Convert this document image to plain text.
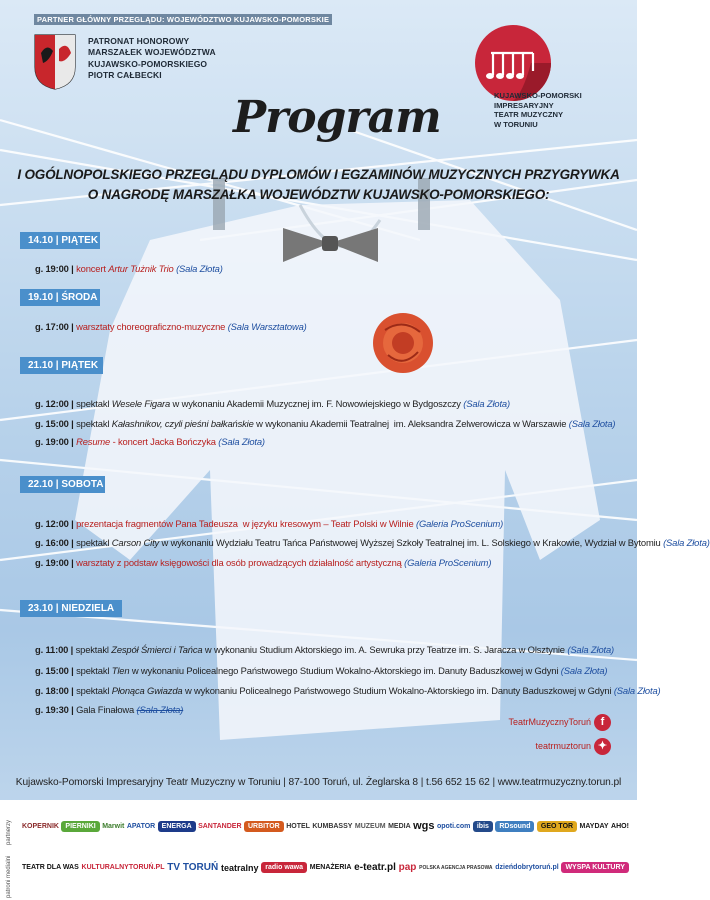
PARTNER GŁÓWNY PRZEGLĄDU: WOJEWÓDZTWO KUJAWSKO-POMORSKIE
PATRONAT HONOROWY
MARSZAŁEK WOJEWÓDZTWA
KUJAWSKO-POMORSKIEGO
PIOTR CAŁBECKI
KUJAWSKO-POMORSKI
IMPRESARYJNY
TEATR MUZYCZNY
W TORUNIU
Program
I OGÓLNOPOLSKIEGO PRZEGLĄDU DYPLOMÓW I EGZAMINÓW MUZYCZNYCH PRZYGRYWKA
O NAGRODĘ MARSZAŁKA WOJEWÓDZTW KUJAWSKO-POMORSKIEGO:
14.10 | PIĄTEK
g. 19:00 | koncert Artur Tużnik Trio (Sala Złota)
19.10 | ŚRODA
g. 17:00 | warsztaty choreograficzno-muzyczne (Sala Warsztatowa)
21.10 | PIĄTEK
g. 12:00 | spektakl Wesele Figara w wykonaniu Akademii Muzycznej im. F. Nowowiejskiego w Bydgoszczy (Sala Złota)
g. 15:00 | spektakl Kałashnikov, czyli pieśni bałkańskie w wykonaniu Akademii Teatralnej  im. Aleksandra Zelwerowicza w Warszawie (Sala Złota)
g. 19:00 | Resume - koncert Jacka Bończyka (Sala Złota)
22.10 | SOBOTA
g. 12:00 | prezentacja fragmentów Pana Tadeusza  w języku kresowym – Teatr Polski w Wilnie (Galeria ProScenium)
g. 16:00 | spektakl Carson City w wykonaniu Wydziału Teatru Tańca Państwowej Wyższej Szkoły Teatralnej im. L. Solskiego w Krakowie, Wydział w Bytomiu (Sala Złota)
g. 19:00 | warsztaty z podstaw księgowości dla osób prowadzących działalność artystyczną (Galeria ProScenium)
23.10 | NIEDZIELA
g. 11:00 | spektakl Zespół Śmierci i Tańca w wykonaniu Studium Aktorskiego im. A. Sewruka przy Teatrze im. S. Jaracza w Olsztynie (Sala Złota)
g. 15:00 | spektakl Tlen w wykonaniu Policealnego Państwowego Studium Wokalno-Aktorskiego im. Danuty Baduszkowej w Gdyni (Sala Złota)
g. 18:00 | spektakl Płonąca Gwiazda w wykonaniu Policealnego Państwowego Studium Wokalno-Aktorskiego im. Danuty Baduszkowej w Gdyni (Sala Złota)
g. 19:30 | Gala Finałowa (Sala Złota)
TeatrMuzycznyToruń f
teatrmuztorun ✦
Kujawsko-Pomorski Impresaryjny Teatr Muzyczny w Toruniu | 87-100 Toruń, ul. Żeglarska 8 | t.56 652 15 62 | www.teatrmuzyczny.torun.pl
partnerzy
patroni medialni
KOPERNIK PIERNIKI Marwit APATOR ENERGA SANTANDER URBITOR HOTEL KUMBASSY MUZEUM MEDIA wgs opoti.com ibis	RDsound	GEO TOR MAYDAY AHO!
TEATR DLA WAS KULTURALNYTORUŃ.PL TV TORUŃ teatralny radio wawa MENAŻERIA e-teatr.pl pap POLSKA AGENCJA PRASOWA dzieńdobrytoruń.pl WYSPA KULTURY
